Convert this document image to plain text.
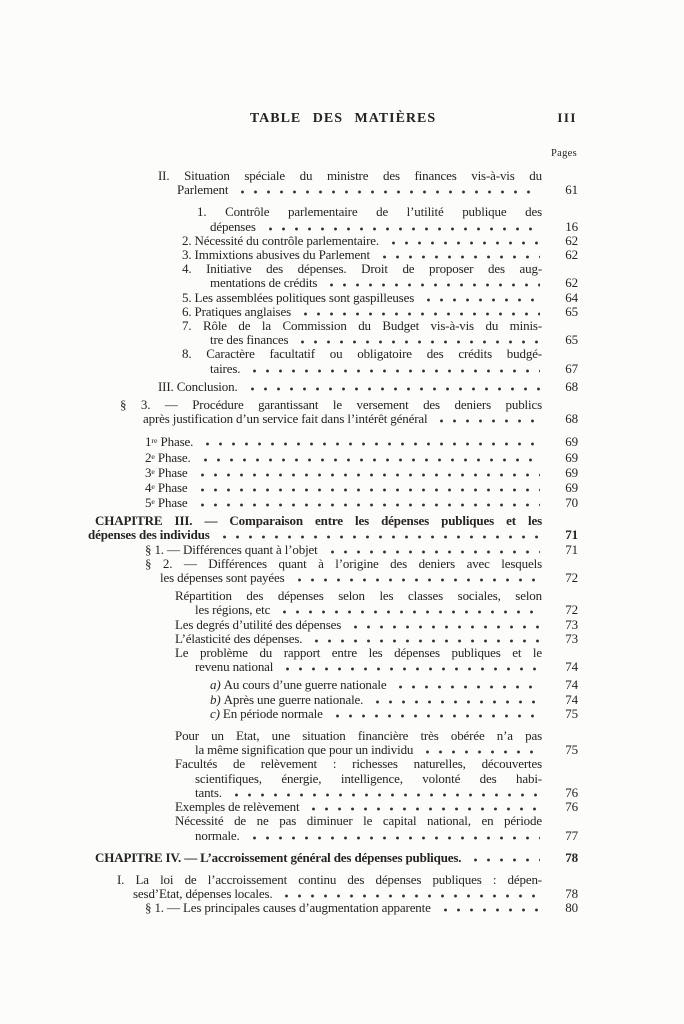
TABLE DES MATIÈRES	III
Pages
II. Situation spéciale du ministre des finances vis-à-vis du
Parlement	61
1. Contrôle parlementaire de l’utilité publique des
dépenses	16
2. Nécessité du contrôle parlementaire.	62
3. Immixtions abusives du Parlement	62
4. Initiative des dépenses. Droit de proposer des aug-
mentations de crédits	62
5. Les assemblées politiques sont gaspilleuses	64
6. Pratiques anglaises	65
7. Rôle de la Commission du Budget vis-à-vis du minis-
tre des finances	65
8. Caractère facultatif ou obligatoire des crédits budgé-
taires.	67
III. Conclusion.	68
§ 3. — Procédure garantissant le versement des deniers publics
après justification d’un service fait dans l’intérêt général	68
1re Phase.	69
2e Phase.	69
3e Phase	69
4e Phase	69
5e Phase	70
CHAPITRE III. — Comparaison entre les dépenses publiques et les
dépenses des individus	71
§ 1. — Différences quant à l’objet	71
§ 2. — Différences quant à l’origine des deniers avec lesquels
les dépenses sont payées	72
Répartition des dépenses selon les classes sociales, selon
les régions, etc	72
Les degrés d’utilité des dépenses	73
L’élasticité des dépenses.	73
Le problème du rapport entre les dépenses publiques et le
revenu national	74
a) Au cours d’une guerre nationale	74
b) Après une guerre nationale.	74
c) En période normale	75
Pour un Etat, une situation financière très obérée n’a pas
la même signification que pour un individu	75
Facultés de relèvement : richesses naturelles, découvertes
scientifiques, énergie, intelligence, volonté des habi-
tants.	76
Exemples de relèvement	76
Nécessité de ne pas diminuer le capital national, en période
normale.	77
CHAPITRE IV. — L’accroissement général des dépenses publiques.	78
I. La loi de l’accroissement continu des dépenses publiques : dépen-
sesd’Etat, dépenses locales.	78
§ 1. — Les principales causes d’augmentation apparente	80
